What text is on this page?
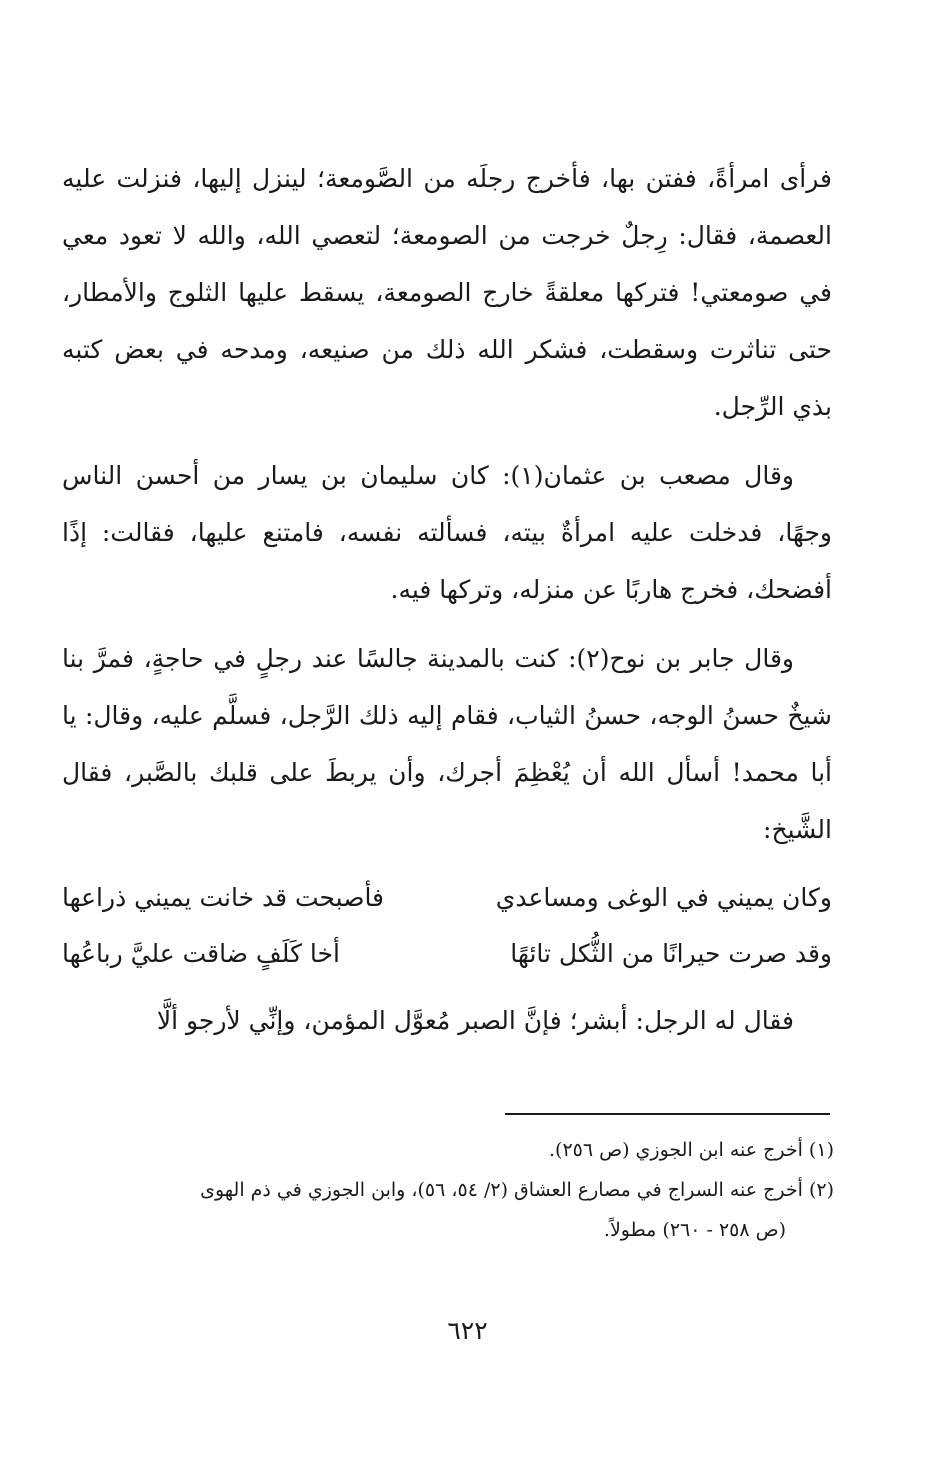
فرأى امرأةً، ففتن بها، فأخرج رجلَه من الصَّومعة؛ لينزل إليها، فنزلت عليه العصمة، فقال: رِجلٌ خرجت من الصومعة؛ لتعصي الله، والله لا تعود معي في صومعتي! فتركها معلقةً خارج الصومعة، يسقط عليها الثلوج والأمطار، حتى تناثرت وسقطت، فشكر الله ذلك من صنيعه، ومدحه في بعض كتبه بذي الرِّجل.

وقال مصعب بن عثمان(١): كان سليمان بن يسار من أحسن الناس وجهًا، فدخلت عليه امرأةٌ بيته، فسألته نفسه، فامتنع عليها، فقالت: إذًا أفضحك، فخرج هاربًا عن منزله، وتركها فيه.

وقال جابر بن نوح(٢): كنت بالمدينة جالسًا عند رجلٍ في حاجةٍ، فمرَّ بنا شيخٌ حسنُ الوجه، حسنُ الثياب، فقام إليه ذلك الرَّجل، فسلَّم عليه، وقال: يا أبا محمد! أسأل الله أن يُعْظِمَ أجرك، وأن يربطَ على قلبك بالصَّبر، فقال الشَّيخ:

وكان يميني في الوغى ومساعدي
فأصبحت قد خانت يميني ذراعها
وقد صرت حيرانًا من الثُّكل تائهًا
أخا كَلَفٍ ضاقت عليَّ رباعُها

فقال له الرجل: أبشر؛ فإنَّ الصبر مُعوَّل المؤمن، وإنِّي لأرجو ألَّا

(١) أخرج عنه ابن الجوزي (ص ٢٥٦).

(٢) أخرج عنه السراج في مصارع العشاق (٢/ ٥٤، ٥٦)، وابن الجوزي في ذم الهوى

(ص ٢٥٨ - ٢٦٠) مطولاً.

٦٢٢
